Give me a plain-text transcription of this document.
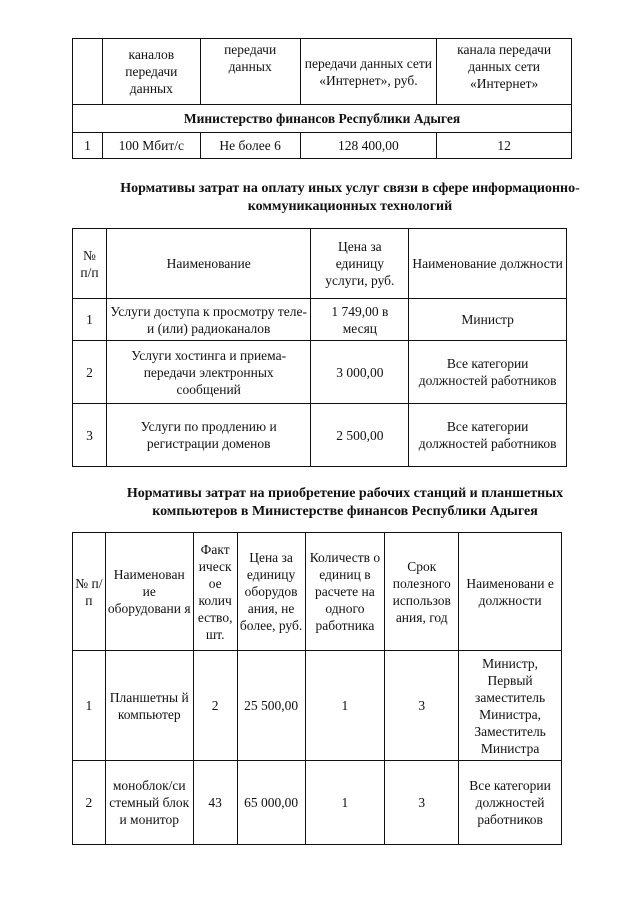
	каналов передачи данных	передачи данных	передачи данных сети «Интернет», руб.	канала передачи данных сети «Интернет»
Министерство финансов Республики Адыгея				
1	100 Мбит/с	Не более 6	128 400,00	12
Нормативы затрат на оплату иных услуг связи в сфере информационно-коммуникационных технологий
№ п/п	Наименование	Цена за единицу услуги, руб.	Наименование должности
1	Услуги доступа к просмотру теле- и (или) радиоканалов	1 749,00 в месяц	Министр
2	Услуги хостинга и приема-передачи электронных сообщений	3 000,00	Все категории должностей работников
3	Услуги по продлению и регистрации доменов	2 500,00	Все категории должностей работников
Нормативы затрат на приобретение рабочих станций и планшетных компьютеров в Министерстве финансов Республики Адыгея
№ п/п	Наименован ие оборудовани я	Факт ическ ое колич ество, шт.	Цена за единицу оборудов ания, не более, руб.	Количеств о единиц в расчете на одного работника	Срок полезного использов ания, год	Наименовани е должности
1	Планшетны й компьютер	2	25 500,00	1	3	Министр, Первый заместитель Министра, Заместитель Министра
2	моноблок/си стемный блок и монитор	43	65 000,00	1	3	Все категории должностей работников
